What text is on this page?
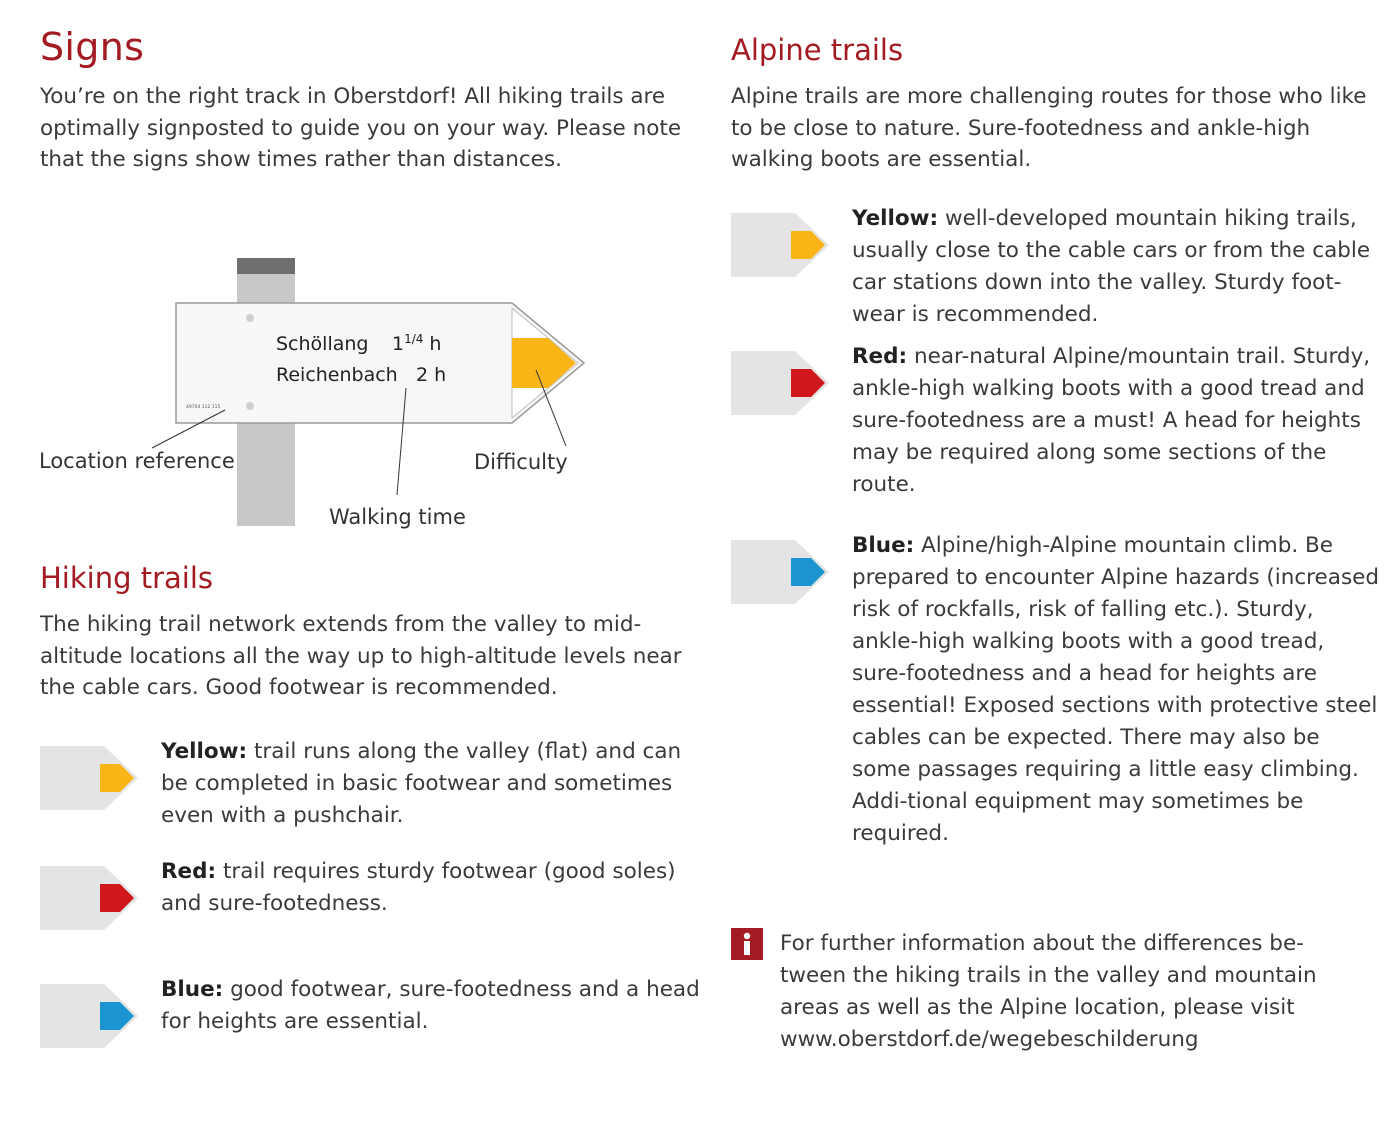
Signs

You’re on the right track in Oberstdorf! All hiking trails are optimally signposted to guide you on your way. Please note that the signs show times rather than distances.

Schöllang $1^{1/4}$ h
Reichenbach 2 h
49704 112 115
Location reference
Walking time
Difficulty
Hiking trails

The hiking trail network extends from the valley to mid-altitude locations all the way up to high-altitude levels near the cable cars. Good footwear is recommended.

Yellow: trail runs along the valley (flat) and can be completed in basic footwear and sometimes even with a pushchair.
Red: trail requires sturdy footwear (good soles) and sure-footedness.
Blue: good footwear, sure-footedness and a head for heights are essential.
Alpine trails

Alpine trails are more challenging routes for those who like to be close to nature. Sure-footedness and ankle-high walking boots are essential.

Yellow: well-developed mountain hiking trails, usually close to the cable cars or from the cable car stations down into the valley. Sturdy foot-wear is recommended.
Red: near-natural Alpine/mountain trail. Sturdy, ankle-high walking boots with a good tread and sure-footedness are a must! A head for heights may be required along some sections of the route.
Blue: Alpine/high-Alpine mountain climb. Be prepared to encounter Alpine hazards (increased risk of rockfalls, risk of falling etc.). Sturdy, ankle-high walking boots with a good tread, sure-footedness and a head for heights are essential! Exposed sections with protective steel cables can be expected. There may also be some passages requiring a little easy climbing. Addi-tional equipment may sometimes be required.
For further information about the differences be-tween the hiking trails in the valley and mountain areas as well as the Alpine location, please visit www.oberstdorf.de/wegebeschilderung
